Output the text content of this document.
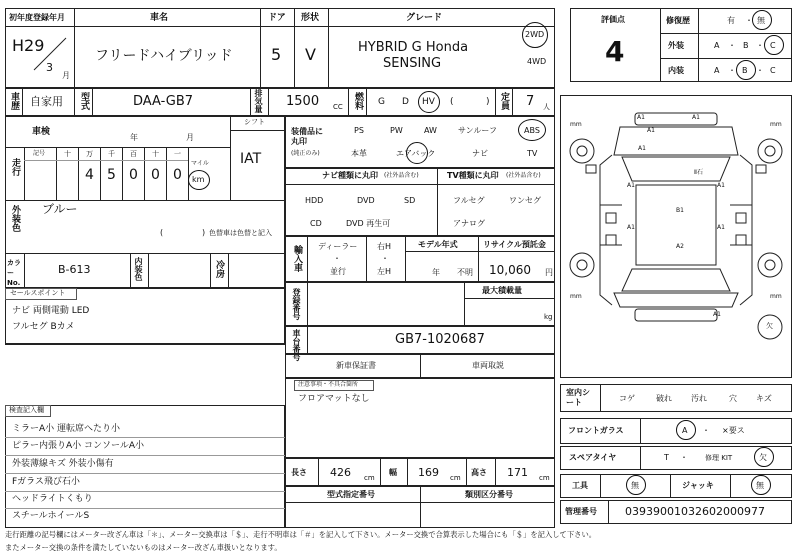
初年度登録年月	車名	ドア 形状	グレード
H29
3
月
フリードハイブリッド 5 V	HYBRID G Honda
SENSING
2WD
4WD
車歴 自家用 型式	DAA-GB7	排気量 1500 CC 燃料 G D HV (	) 定員 7 人
車検
年	月
シフト
IAT
走行
記号	十 万 千 百 十 一
マイル
4 5 0 0 0 km
外装色 ブルー
(	) 色替車は色替と記入
カラーNo.
B-613	内装色	冷房
セールスポイント
ナビ 両側電動 LED
フルセグ Bカメ
検査記入欄
ミラーA小 運転席へたり小
ピラー内張りA小 コンソールA小
外装薄線キズ 外装小傷有
Fガラス飛び石小
ヘッドライトくもり
スチールホイールS
装備品に丸印
(純正のみ)
PS	PW	AW	サンルーフ	ABS
本革	エアバック	ナビ	TV
ナビ種類に丸印 (社外品含む)
HDD	DVD	SD
CD	DVD 再生可
TV種類に丸印 (社外品含む)
フルセグ	ワンセグ
アナログ
輸入車 ディーラー
・
並行
右H
・
左H
モデル年式
年 不明
リサイクル預託金
10,060 円
登録番号	最大積載量
kg
車台番号	GB7-1020687
新車保証書	車両取説
注意事項・不具合箇所
フロアマットなし
長さ 426 cm
幅 169 cm
高さ 171 cm
型式指定番号	類別区分番号
評価点
4
修復歴	有 ・ 無
外装	A ・ B ・ C
内装	A ・ B ・ C
A1	A1
A1
A1
A1	A1
A1
B1
A2
A1
A1
Ⅱ石
mm	mm
mm	mm
欠
室内シート	コゲ	破れ 汚れ	穴 キズ
フロントガラス	A ・ ×要ス
スペアタイヤ	T ・ 修理 KIT	欠
工具	無	ジャッキ	無
管理番号	03939001032602000977
走行距離の記号欄にはメーター改ざん車は「＊」、メーター交換車は「＄」、走行不明車は「＃」を記入して下さい。メーター交換で合算表示した場合にも「＄」を記入して下さい。
またメーター交換の条件を満たしていないものはメーター改ざん車扱いとなります。
